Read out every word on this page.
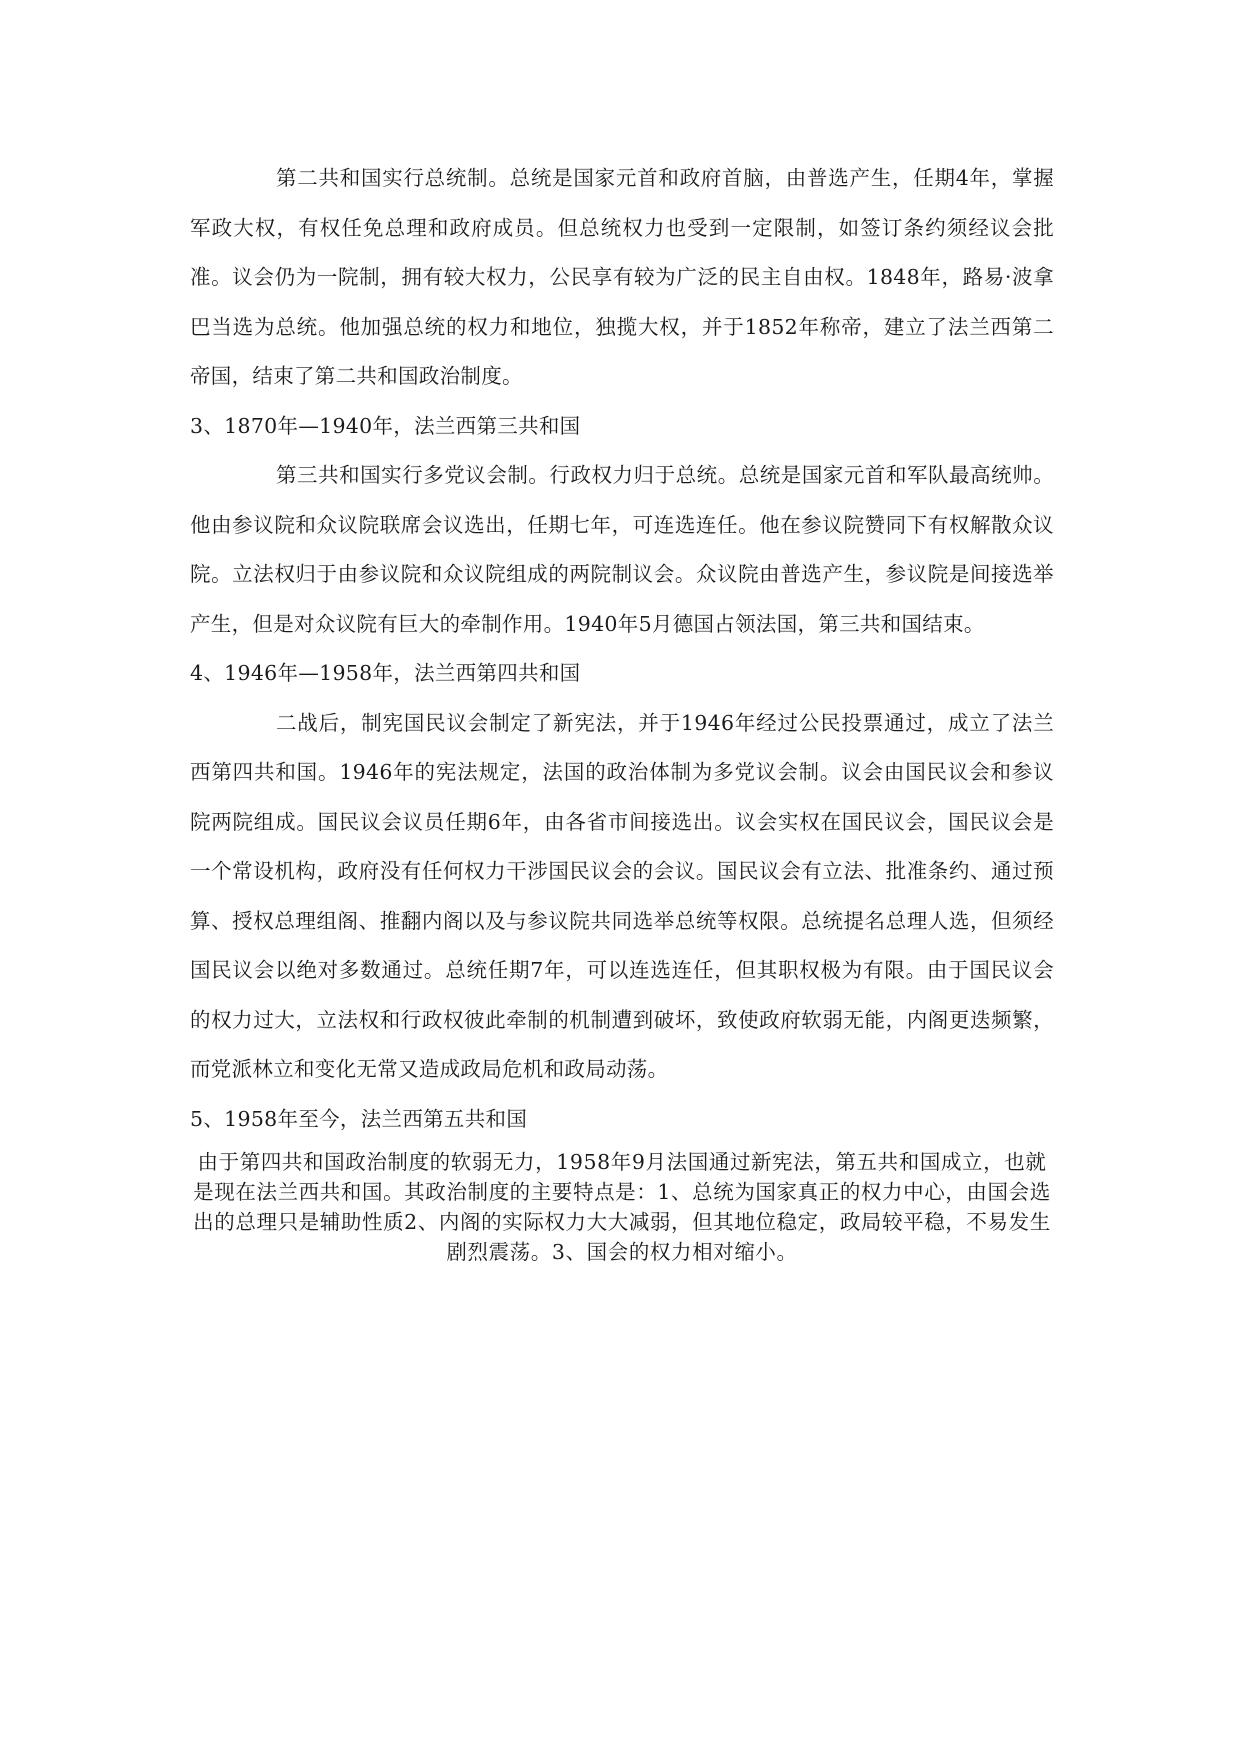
第二共和国实行总统制。总统是国家元首和政府首脑，由普选产生，任期4年，掌握军政大权，有权任免总理和政府成员。但总统权力也受到一定限制，如签订条约须经议会批准。议会仍为一院制，拥有较大权力，公民享有较为广泛的民主自由权。1848年，路易·波拿巴当选为总统。他加强总统的权力和地位，独揽大权，并于1852年称帝，建立了法兰西第二帝国，结束了第二共和国政治制度。

3、1870年—1940年，法兰西第三共和国

第三共和国实行多党议会制。行政权力归于总统。总统是国家元首和军队最高统帅。他由参议院和众议院联席会议选出，任期七年，可连选连任。他在参议院赞同下有权解散众议院。立法权归于由参议院和众议院组成的两院制议会。众议院由普选产生，参议院是间接选举产生，但是对众议院有巨大的牵制作用。1940年5月德国占领法国，第三共和国结束。

4、1946年—1958年，法兰西第四共和国

二战后，制宪国民议会制定了新宪法，并于1946年经过公民投票通过，成立了法兰西第四共和国。1946年的宪法规定，法国的政治体制为多党议会制。议会由国民议会和参议院两院组成。国民议会议员任期6年，由各省市间接选出。议会实权在国民议会，国民议会是一个常设机构，政府没有任何权力干涉国民议会的会议。国民议会有立法、批准条约、通过预算、授权总理组阁、推翻内阁以及与参议院共同选举总统等权限。总统提名总理人选，但须经国民议会以绝对多数通过。总统任期7年，可以连选连任，但其职权极为有限。由于国民议会的权力过大，立法权和行政权彼此牵制的机制遭到破坏，致使政府软弱无能，内阁更迭频繁，而党派林立和变化无常又造成政局危机和政局动荡。

5、1958年至今，法兰西第五共和国

由于第四共和国政治制度的软弱无力，1958年9月法国通过新宪法，第五共和国成立，也就是现在法兰西共和国。其政治制度的主要特点是：1、总统为国家真正的权力中心，由国会选出的总理只是辅助性质2、内阁的实际权力大大减弱，但其地位稳定，政局较平稳，不易发生剧烈震荡。3、国会的权力相对缩小。
